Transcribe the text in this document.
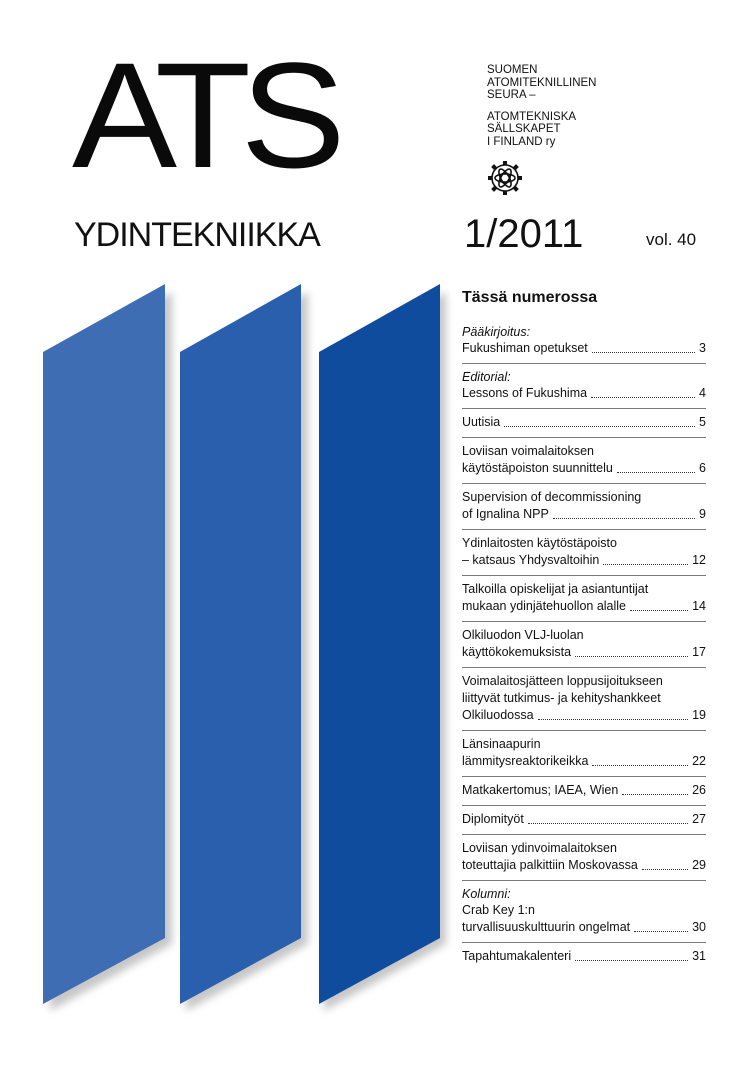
ATS
YDINTEKNIIKKA
SUOMEN
ATOMITEKNILLINEN
SEURA –
ATOMTEKNISKA
SÄLLSKAPET
I FINLAND ry
1/2011	vol. 40
Tässä numerossa
Pääkirjoitus:
Fukushiman opetukset	3
Editorial:
Lessons of Fukushima	4
Uutisia	5
Loviisan voimalaitoksen
käytöstäpoiston suunnittelu	6
Supervision of decommissioning
of Ignalina NPP	9
Ydinlaitosten käytöstäpoisto
– katsaus Yhdysvaltoihin	12
Talkoilla opiskelijat ja asiantuntijat
mukaan ydinjätehuollon alalle	14
Olkiluodon VLJ-luolan
käyttökokemuksista	17
Voimalaitosjätteen loppusijoitukseen
liittyvät tutkimus- ja kehityshankkeet
Olkiluodossa	19
Länsinaapurin
lämmitysreaktorikeikka	22
Matkakertomus; IAEA, Wien	26
Diplomityöt	27
Loviisan ydinvoimalaitoksen
toteuttajia palkittiin Moskovassa	29
Kolumni:
Crab Key 1:n
turvallisuuskulttuurin ongelmat	30
Tapahtumakalenteri	31
